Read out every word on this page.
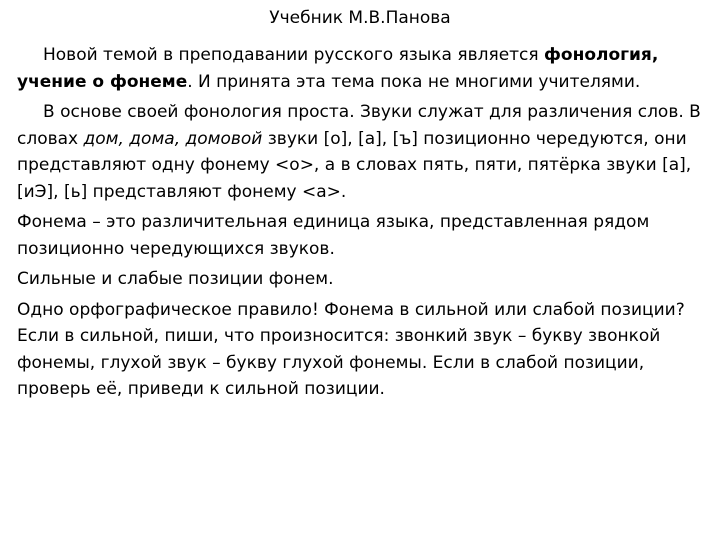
Учебник М.В.Панова

Новой темой в преподавании русского языка является фонология, учение о фонеме. И принята эта тема пока не многими учителями.

В основе своей фонология проста. Звуки служат для различения слов. В словах дом, дома, домовой звуки [о], [а], [ъ] позиционно чередуются, они представляют одну фонему <о>, а в словах пять, пяти, пятёрка звуки [а], [иЭ], [ь] представляют фонему <а>.

Фонема – это различительная единица языка, представленная рядом позиционно чередующихся звуков.

Сильные и слабые позиции фонем.

Одно орфографическое правило! Фонема в сильной или слабой позиции? Если в сильной, пиши, что произносится: звонкий звук – букву звонкой фонемы, глухой звук – букву глухой фонемы. Если в слабой позиции, проверь её, приведи к сильной позиции.
